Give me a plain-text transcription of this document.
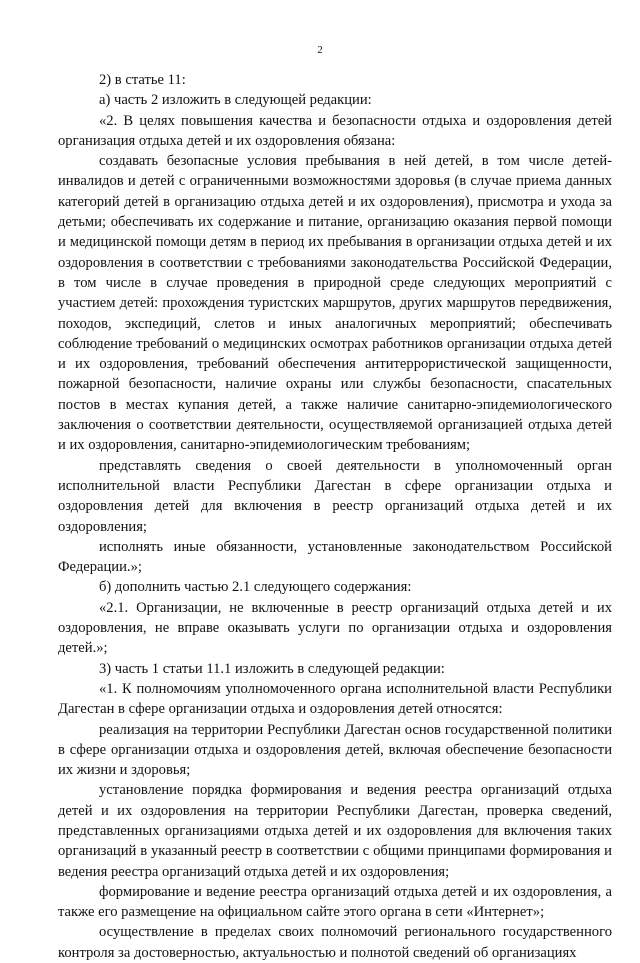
2

2) в статье 11:

а) часть 2 изложить в следующей редакции:

«2. В целях повышения качества и безопасности отдыха и оздоровления детей организация отдыха детей и их оздоровления обязана:

создавать безопасные условия пребывания в ней детей, в том числе детей-инвалидов и детей с ограниченными возможностями здоровья (в случае приема данных категорий детей в организацию отдыха детей и их оздоровления), присмотра и ухода за детьми; обеспечивать их содержание и питание, организацию оказания первой помощи и медицинской помощи детям в период их пребывания в организации отдыха детей и их оздоровления в соответствии с требованиями законодательства Российской Федерации, в том числе в случае проведения в природной среде следующих мероприятий с участием детей: прохождения туристских маршрутов, других маршрутов передвижения, походов, экспедиций, слетов и иных аналогичных мероприятий; обеспечивать соблюдение требований о медицинских осмотрах работников организации отдыха детей и их оздоровления, требований обеспечения антитеррористической защищенности, пожарной безопасности, наличие охраны или службы безопасности, спасательных постов в местах купания детей, а также наличие санитарно-эпидемиологического заключения о соответствии деятельности, осуществляемой организацией отдыха детей и их оздоровления, санитарно-эпидемиологическим требованиям;

представлять сведения о своей деятельности в уполномоченный орган исполнительной власти Республики Дагестан в сфере организации отдыха и оздоровления детей для включения в реестр организаций отдыха детей и их оздоровления;

исполнять иные обязанности, установленные законодательством Российской Федерации.»;

б) дополнить частью 2.1 следующего содержания:

«2.1. Организации, не включенные в реестр организаций отдыха детей и их оздоровления, не вправе оказывать услуги по организации отдыха и оздоровления детей.»;

3) часть 1 статьи 11.1 изложить в следующей редакции:

«1. К полномочиям уполномоченного органа исполнительной власти Республики Дагестан в сфере организации отдыха и оздоровления детей относятся:

реализация на территории Республики Дагестан основ государственной политики в сфере организации отдыха и оздоровления детей, включая обеспечение безопасности их жизни и здоровья;

установление порядка формирования и ведения реестра организаций отдыха детей и их оздоровления на территории Республики Дагестан, проверка сведений, представленных организациями отдыха детей и их оздоровления для включения таких организаций в указанный реестр в соответствии с общими принципами формирования и ведения реестра организаций отдыха детей и их оздоровления;

формирование и ведение реестра организаций отдыха детей и их оздоровления, а также его размещение на официальном сайте этого органа в сети «Интернет»;

осуществление в пределах своих полномочий регионального государственного контроля за достоверностью, актуальностью и полнотой сведений об организациях
